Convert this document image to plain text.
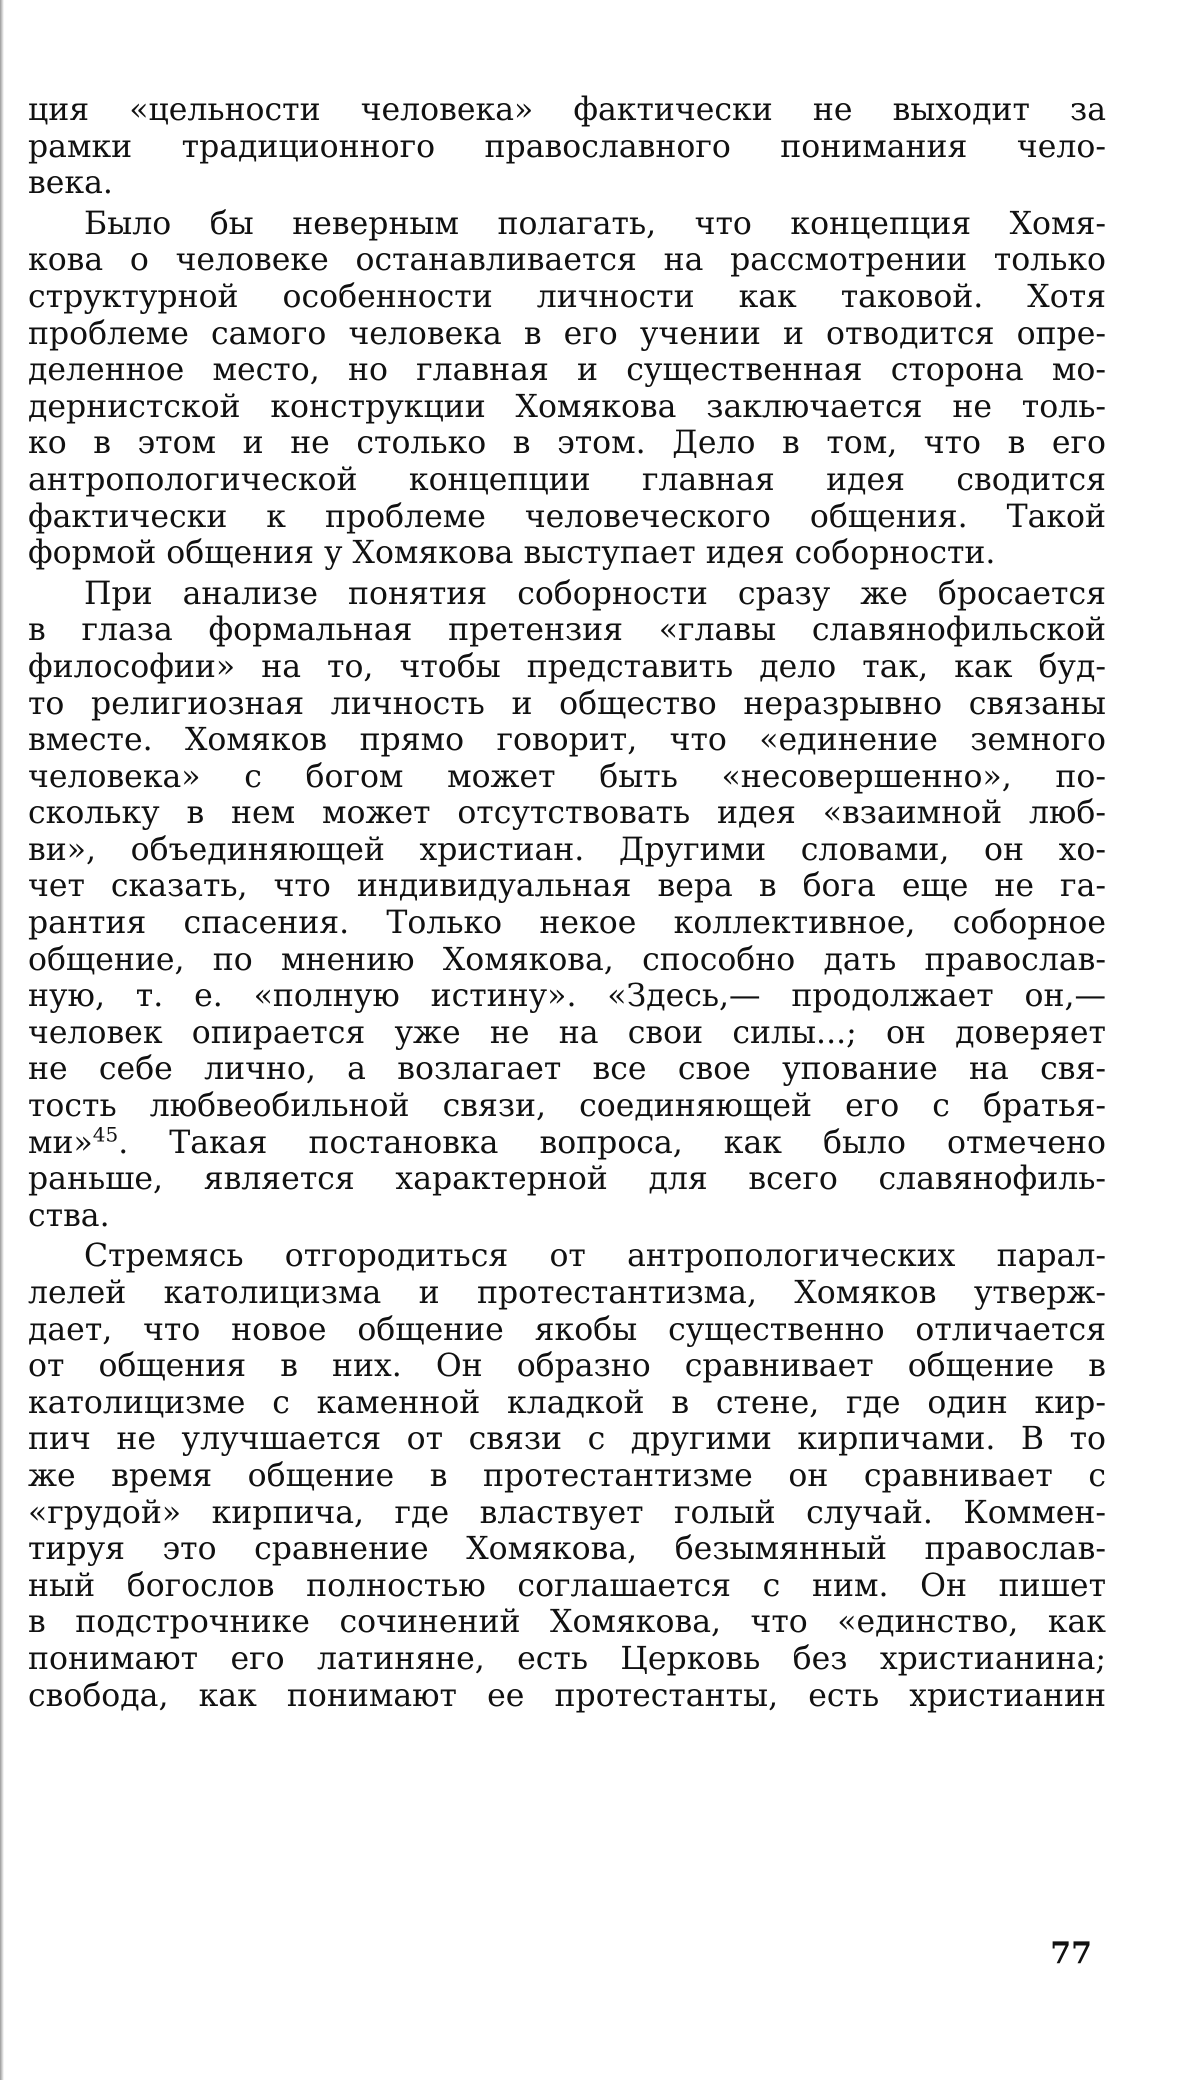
ция «цельности человека» фактически не выходит за
рамки традиционного православного понимания чело-
века.
Было бы неверным полагать, что концепция Хомя-
кова о человеке останавливается на рассмотрении только
структурной особенности личности как таковой. Хотя
проблеме самого человека в его учении и отводится опре-
деленное место, но главная и существенная сторона мо-
дернистской конструкции Хомякова заключается не толь-
ко в этом и не столько в этом. Дело в том, что в его
антропологической концепции главная идея сводится
фактически к проблеме человеческого общения. Такой
формой общения у Хомякова выступает идея соборности.
При анализе понятия соборности сразу же бросается
в глаза формальная претензия «главы славянофильской
философии» на то, чтобы представить дело так, как буд-
то религиозная личность и общество неразрывно связаны
вместе. Хомяков прямо говорит, что «единение земного
человека» с богом может быть «несовершенно», по-
скольку в нем может отсутствовать идея «взаимной люб-
ви», объединяющей христиан. Другими словами, он хо-
чет сказать, что индивидуальная вера в бога еще не га-
рантия спасения. Только некое коллективное, соборное
общение, по мнению Хомякова, способно дать православ-
ную, т. е. «полную истину». «Здесь,— продолжает он,—
человек опирается уже не на свои силы...; он доверяет
не себе лично, а возлагает все свое упование на свя-
тость любвеобильной связи, соединяющей его с братья-
ми»$^{45}$. Такая постановка вопроса, как было отмечено
раньше, является характерной для всего славянофиль-
ства.
Стремясь отгородиться от антропологических парал-
лелей католицизма и протестантизма, Хомяков утверж-
дает, что новое общение якобы существенно отличается
от общения в них. Он образно сравнивает общение в
католицизме с каменной кладкой в стене, где один кир-
пич не улучшается от связи с другими кирпичами. В то
же время общение в протестантизме он сравнивает с
«грудой» кирпича, где властвует голый случай. Коммен-
тируя это сравнение Хомякова, безымянный православ-
ный богослов полностью соглашается с ним. Он пишет
в подстрочнике сочинений Хомякова, что «единство, как
понимают его латиняне, есть Церковь без христианина;
свобода, как понимают ее протестанты, есть христианин
77
